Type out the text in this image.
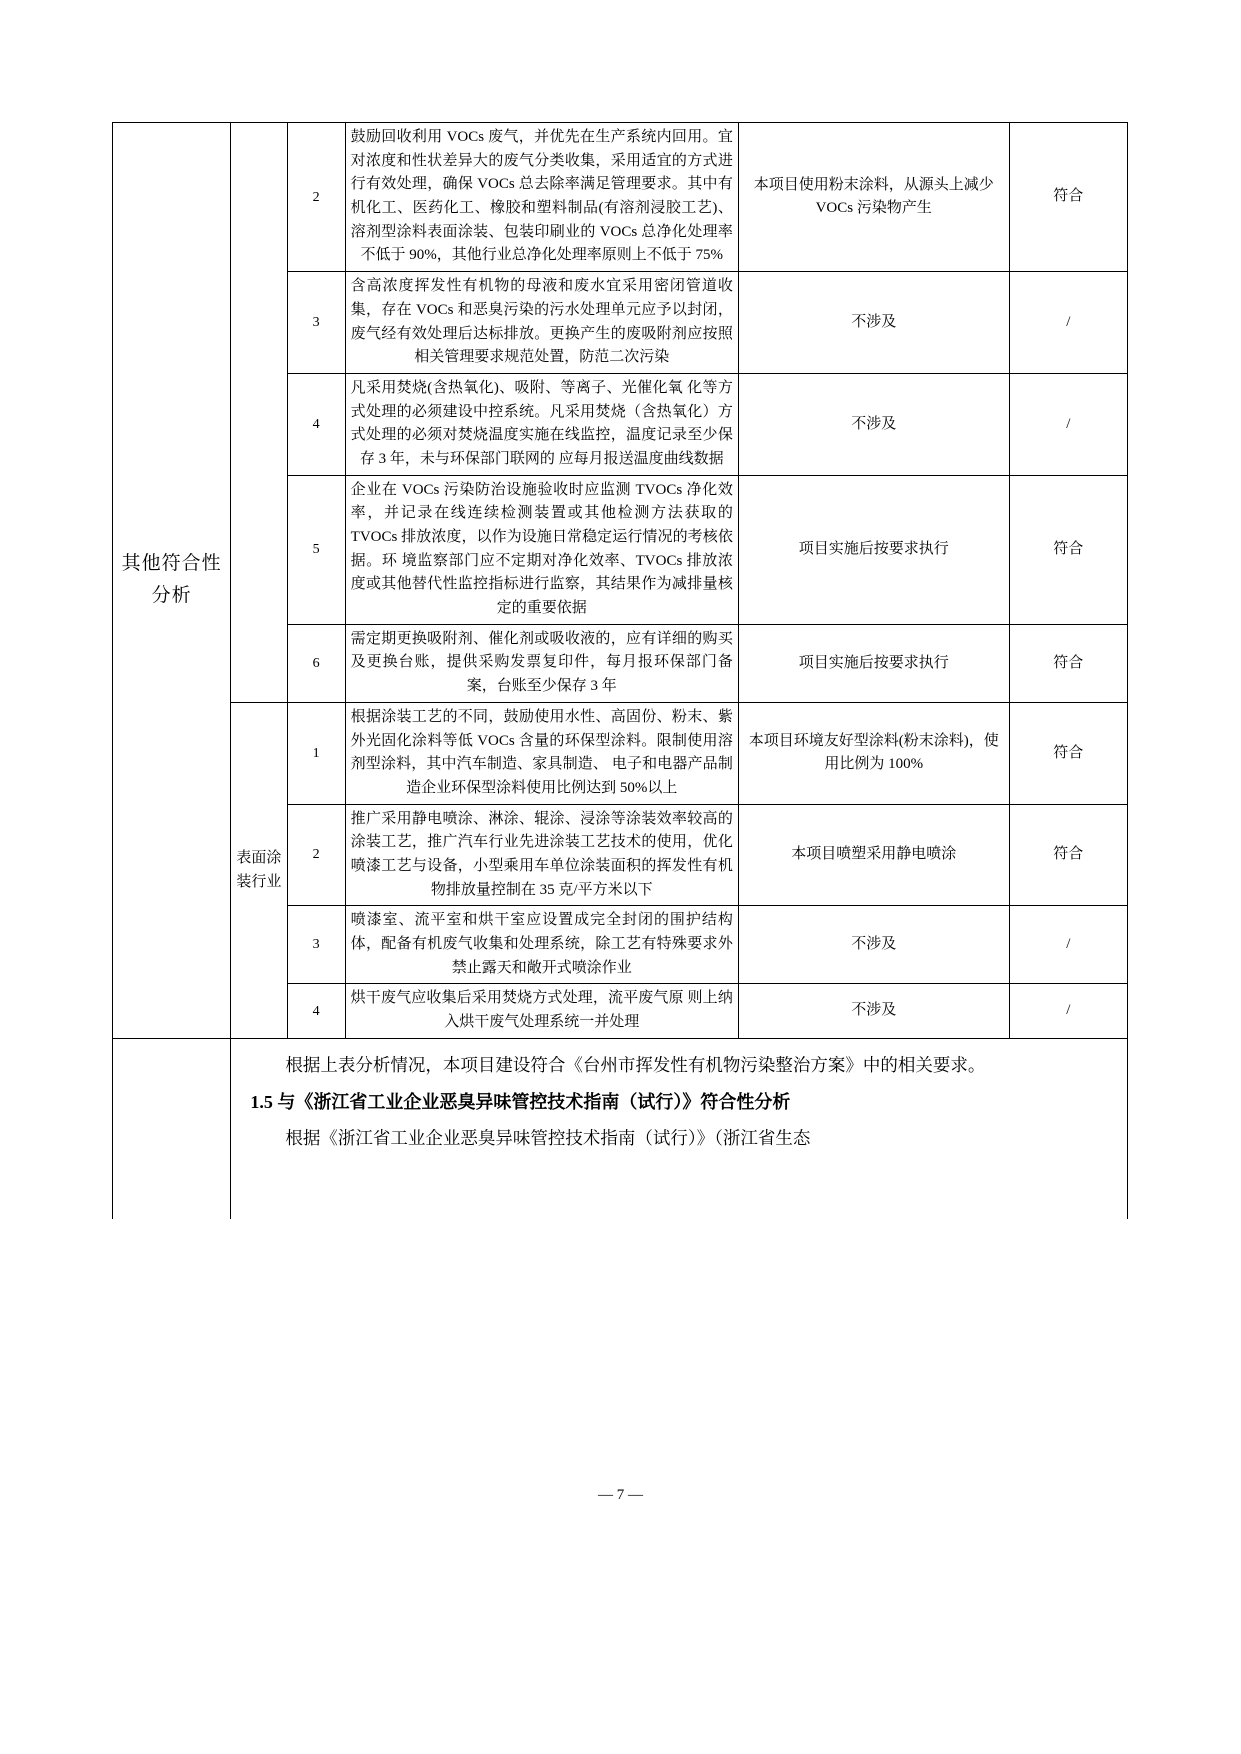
其他符合性分析		2	鼓励回收利用 VOCs 废气，并优先在生产系统内回用。宜对浓度和性状差异大的废气分类收集，采用适宜的方式进行有效处理，确保 VOCs 总去除率满足管理要求。其中有机化工、医药化工、橡胶和塑料制品(有溶剂浸胶工艺)、溶剂型涂料表面涂装、包装印刷业的 VOCs 总净化处理率不低于 90%，其他行业总净化处理率原则上不低于 75%	本项目使用粉末涂料，从源头上减少 VOCs 污染物产生	符合
		3	含高浓度挥发性有机物的母液和废水宜采用密闭管道收集，存在 VOCs 和恶臭污染的污水处理单元应予以封闭，废气经有效处理后达标排放。更换产生的废吸附剂应按照相关管理要求规范处置，防范二次污染	不涉及	/
		4	凡采用焚烧(含热氧化)、吸附、等离子、光催化氧 化等方式处理的必须建设中控系统。凡采用焚烧（含热氧化）方式处理的必须对焚烧温度实施在线监控，温度记录至少保存 3 年，未与环保部门联网的 应每月报送温度曲线数据	不涉及	/
		5	企业在 VOCs 污染防治设施验收时应监测 TVOCs 净化效率，并记录在线连续检测装置或其他检测方法获取的 TVOCs 排放浓度，以作为设施日常稳定运行情况的考核依据。环 境监察部门应不定期对净化效率、TVOCs 排放浓度或其他替代性监控指标进行监察，其结果作为减排量核定的重要依据	项目实施后按要求执行	符合
		6	需定期更换吸附剂、催化剂或吸收液的，应有详细的购买及更换台账，提供采购发票复印件，每月报环保部门备案，台账至少保存 3 年	项目实施后按要求执行	符合
	表面涂装行业	1	根据涂装工艺的不同，鼓励使用水性、高固份、粉末、紫外光固化涂料等低 VOCs 含量的环保型涂料。限制使用溶剂型涂料，其中汽车制造、家具制造、 电子和电器产品制造企业环保型涂料使用比例达到 50%以上	本项目环境友好型涂料(粉末涂料)，使用比例为 100%	符合
		2	推广采用静电喷涂、淋涂、辊涂、浸涂等涂装效率较高的涂装工艺，推广汽车行业先进涂装工艺技术的使用，优化喷漆工艺与设备，小型乘用车单位涂装面积的挥发性有机物排放量控制在 35 克/平方米以下	本项目喷塑采用静电喷涂	符合
		3	喷漆室、流平室和烘干室应设置成完全封闭的围护结构体，配备有机废气收集和处理系统，除工艺有特殊要求外禁止露天和敞开式喷涂作业	不涉及	/
		4	烘干废气应收集后采用焚烧方式处理，流平废气原 则上纳入烘干废气处理系统一并处理	不涉及	/

	根据上表分析情况，本项目建设符合《台州市挥发性有机物污染整治方案》中的相关要求。

1.5 与《浙江省工业企业恶臭异味管控技术指南（试行）》符合性分析

根据《浙江省工业企业恶臭异味管控技术指南（试行）》（浙江省生态				

— 7 —
